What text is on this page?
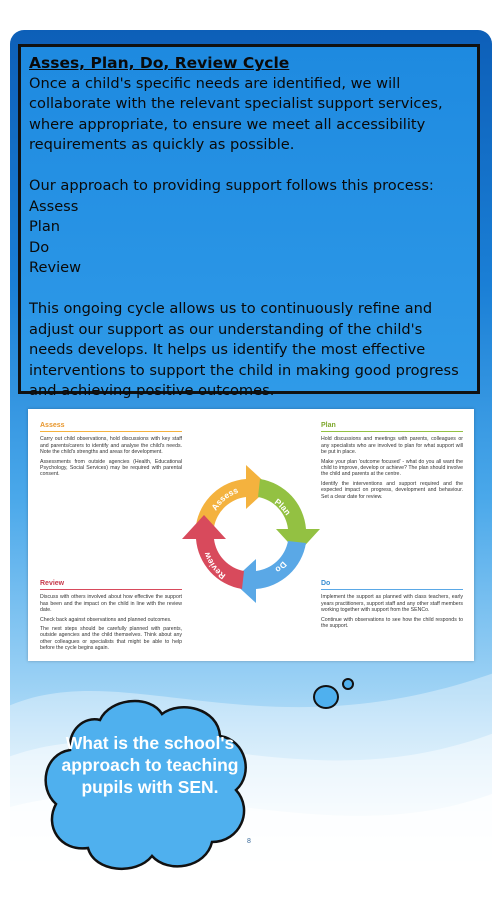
Asses, Plan, Do, Review Cycle

Once a child's specific needs are identified, we will collaborate with the relevant specialist support services, where appropriate, to ensure we meet all accessibility requirements as quickly as possible.

Our approach to providing support follows this process:

Assess

Plan

Do

Review

This ongoing cycle allows us to continuously refine and adjust our support as our understanding of the child's needs develops. It helps us identify the most effective interventions to support the child in making good progress and achieving positive outcomes.

Assess

Carry out child observations, hold discussions with key staff and parents/carers to identify and analyse the child's needs. Note the child's strengths and areas for development.

Assessments from outside agencies (Health, Educational Psychology, Social Services) may be required with parental consent.

Plan

Hold discussions and meetings with parents, colleagues or any specialists who are involved to plan for what support will be put in place.

Make your plan 'outcome focused' - what do you all want the child to improve, develop or achieve? The plan should involve the child and parents at the centre.

Identify the interventions and support required and the expected impact on progress, development and behaviour. Set a clear date for review.

Review

Discuss with others involved about how effective the support has been and the impact on the child in line with the review date.

Check back against observations and planned outcomes.

The next steps should be carefully planned with parents, outside agencies and the child themselves. Think about any other colleagues or specialists that might be able to help before the cycle begins again.

Do

Implement the support as planned with class teachers, early years practitioners, support staff and any other staff members working together with support from the SENCo.

Continue with observations to see how the child responds to the support.

Assess
Plan
Do
Review
What is the school's approach to teaching pupils with SEN.
8
